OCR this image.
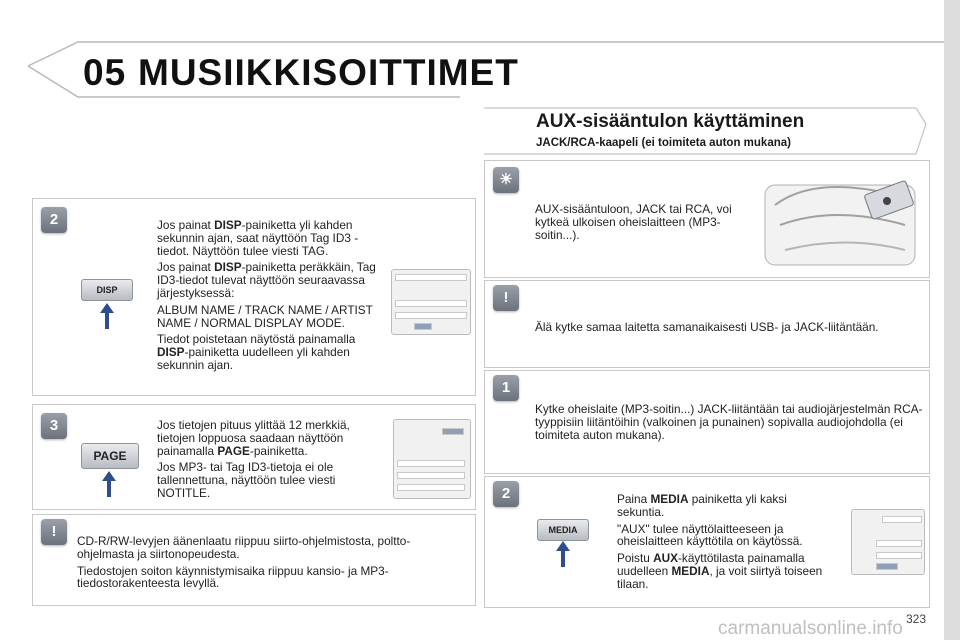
05 MUSIIKKISOITTIMET
AUX-sisääntulon käyttäminen
JACK/RCA-kaapeli (ei toimiteta auton mukana)
2
DISP

Jos painat DISP-painiketta yli kahden sekunnin ajan, saat näyttöön Tag ID3 -tiedot. Näyttöön tulee viesti TAG.

Jos painat DISP-painiketta peräkkäin, Tag ID3-tiedot tulevat näyttöön seuraavassa järjestyksessä:

ALBUM NAME / TRACK NAME / ARTIST NAME / NORMAL DISPLAY MODE.

Tiedot poistetaan näytöstä painamalla DISP-painiketta uudelleen yli kahden sekunnin ajan.

3
PAGE

Jos tietojen pituus ylittää 12 merkkiä, tietojen loppuosa saadaan näyttöön painamalla PAGE-painiketta.

Jos MP3- tai Tag ID3-tietoja ei ole tallennettuna, näyttöön tulee viesti NOTITLE.

!

CD-R/RW-levyjen äänenlaatu riippuu siirto-ohjelmistosta, poltto-ohjelmasta ja siirtonopeudesta.

Tiedostojen soiton käynnistymisaika riippuu kansio- ja MP3-tiedostorakenteesta levyllä.

☀

AUX-sisääntuloon, JACK tai RCA, voi kytkeä ulkoisen oheislaitteen (MP3-soitin...).

!

Älä kytke samaa laitetta samanaikaisesti USB- ja JACK-liitäntään.

1

Kytke oheislaite (MP3-soitin...) JACK-liitäntään tai audiojärjestelmän RCA-tyyppisiin liitäntöihin (valkoinen ja punainen) sopivalla audiojohdolla (ei toimiteta auton mukana).

2
MEDIA

Paina MEDIA painiketta yli kaksi sekuntia.

"AUX" tulee näyttölaitteeseen ja oheislaitteen käyttötila on käytössä.

Poistu AUX-käyttötilasta painamalla uudelleen MEDIA, ja voit siirtyä toiseen tilaan.

carmanualsonline.info 323
